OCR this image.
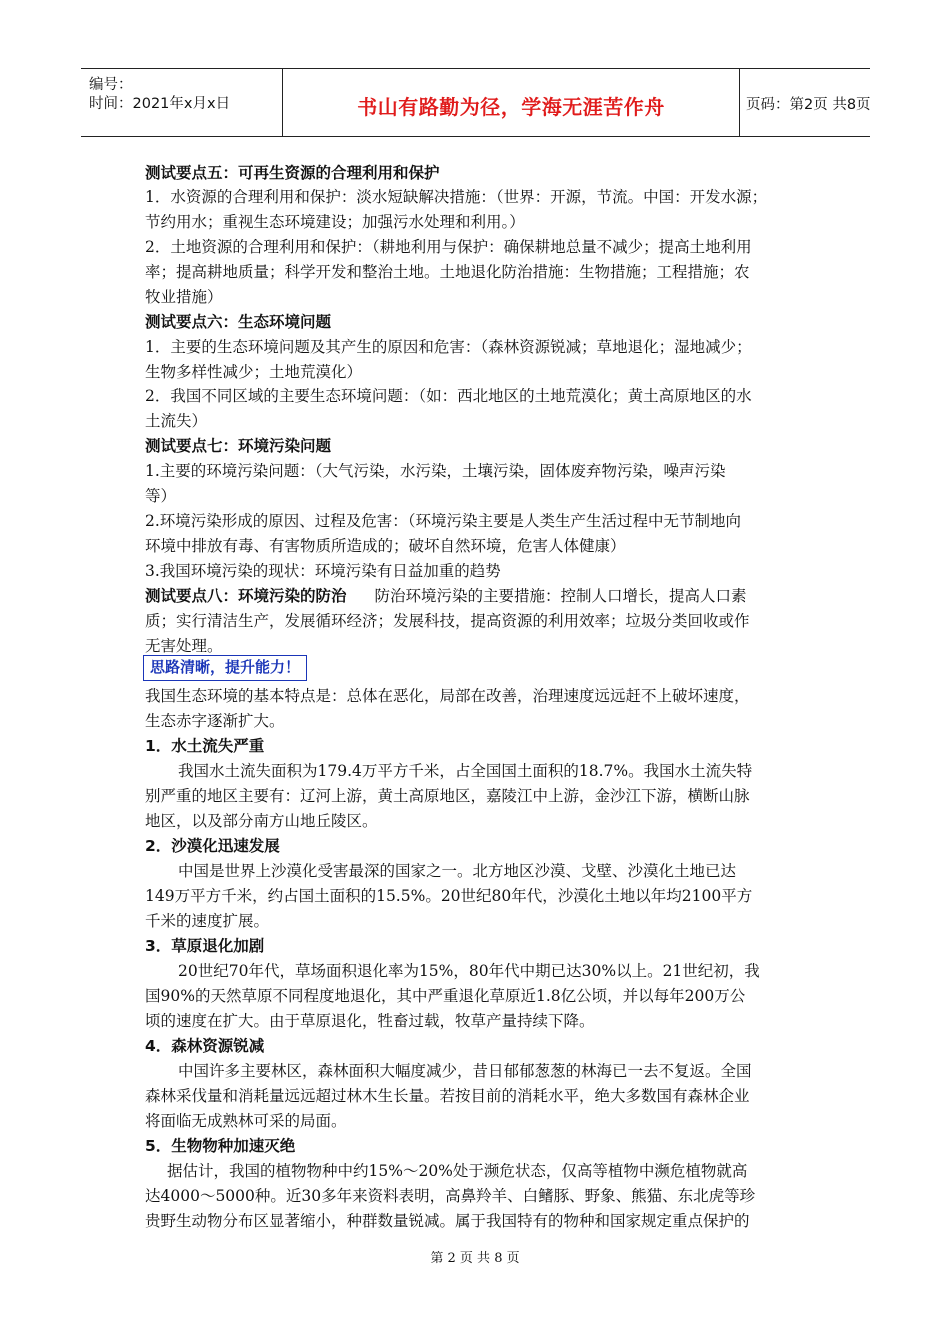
编号：
时间：2021年x月x日	书山有路勤为径，学海无涯苦作舟	页码：第2页 共8页
测试要点五：可再生资源的合理利用和保护
1．水资源的合理利用和保护：淡水短缺解决措施：（世界：开源，节流。中国：开发水源；
节约用水；重视生态环境建设；加强污水处理和利用。）
2．土地资源的合理利用和保护：（耕地利用与保护：确保耕地总量不减少；提高土地利用
率；提高耕地质量；科学开发和整治土地。土地退化防治措施：生物措施；工程措施；农
牧业措施）
测试要点六：生态环境问题
1．主要的生态环境问题及其产生的原因和危害：（森林资源锐减；草地退化；湿地减少；
生物多样性减少；土地荒漠化）
2．我国不同区域的主要生态环境问题：（如：西北地区的土地荒漠化；黄土高原地区的水
土流失）
测试要点七：环境污染问题
1.主要的环境污染问题：（大气污染，水污染，土壤污染，固体废弃物污染，噪声污染
等）
2.环境污染形成的原因、过程及危害：（环境污染主要是人类生产生活过程中无节制地向
环境中排放有毒、有害物质所造成的；破坏自然环境，危害人体健康）
3.我国环境污染的现状：环境污染有日益加重的趋势
测试要点八：环境污染的防治 防治环境污染的主要措施：控制人口增长，提高人口素
质；实行清洁生产，发展循环经济；发展科技，提高资源的利用效率；垃圾分类回收或作
无害处理。
思路清晰，提升能力！
我国生态环境的基本特点是：总体在恶化，局部在改善，治理速度远远赶不上破坏速度，
生态赤字逐渐扩大。
1．水土流失严重
我国水土流失面积为179.4万平方千米，占全国国土面积的18.7%。我国水土流失特
别严重的地区主要有：辽河上游，黄土高原地区，嘉陵江中上游，金沙江下游，横断山脉
地区，以及部分南方山地丘陵区。
2．沙漠化迅速发展
中国是世界上沙漠化受害最深的国家之一。北方地区沙漠、戈壁、沙漠化土地已达
149万平方千米，约占国土面积的15.5%。20世纪80年代，沙漠化土地以年均2100平方
千米的速度扩展。
3．草原退化加剧
20世纪70年代，草场面积退化率为15%，80年代中期已达30%以上。21世纪初，我
国90%的天然草原不同程度地退化，其中严重退化草原近1.8亿公顷，并以每年200万公
顷的速度在扩大。由于草原退化，牲畜过载，牧草产量持续下降。
4．森林资源锐减
中国许多主要林区，森林面积大幅度减少，昔日郁郁葱葱的林海已一去不复返。全国
森林采伐量和消耗量远远超过林木生长量。若按目前的消耗水平，绝大多数国有森林企业
将面临无成熟林可采的局面。
5．生物物种加速灭绝
据估计，我国的植物物种中约15%～20%处于濒危状态，仅高等植物中濒危植物就高
达4000～5000种。近30多年来资料表明，高鼻羚羊、白鳍豚、野象、熊猫、东北虎等珍
贵野生动物分布区显著缩小，种群数量锐减。属于我国特有的物种和国家规定重点保护的
第 2 页 共 8 页
